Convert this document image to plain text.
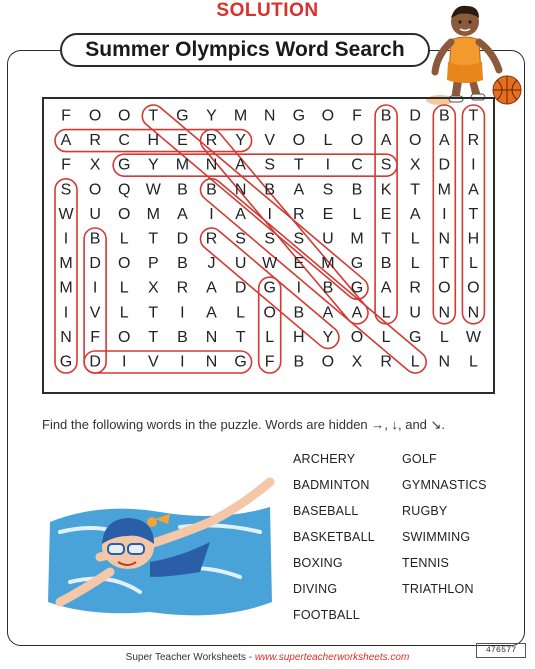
SOLUTION
Summer Olympics Word Search
F O O T G Y M N G O F B D B T
A R C H E R Y V O L O A O A R
F X G Y M N A S T I C S X D I
S O Q W B B N B A S B K T M A
W U O M A I A I R E L E A I T
I B L T D R S S S U M T L N H
M D O P B J U W E M G B L T L
M I L X R A D G I B G A R O O
I V L T I A L O B A A L U N N
N F O T B N T L H Y O L G L W
G D I V I N G F B O X R L N L
Find the following words in the puzzle. Words are hidden →, ↓, and ↘.
ARCHERY
BADMINTON
BASEBALL
BASKETBALL
BOXING
DIVING
FOOTBALL
GOLF
GYMNASTICS
RUGBY
SWIMMING
TENNIS
TRIATHLON
Super Teacher Worksheets - www.superteacherworksheets.com
476577
